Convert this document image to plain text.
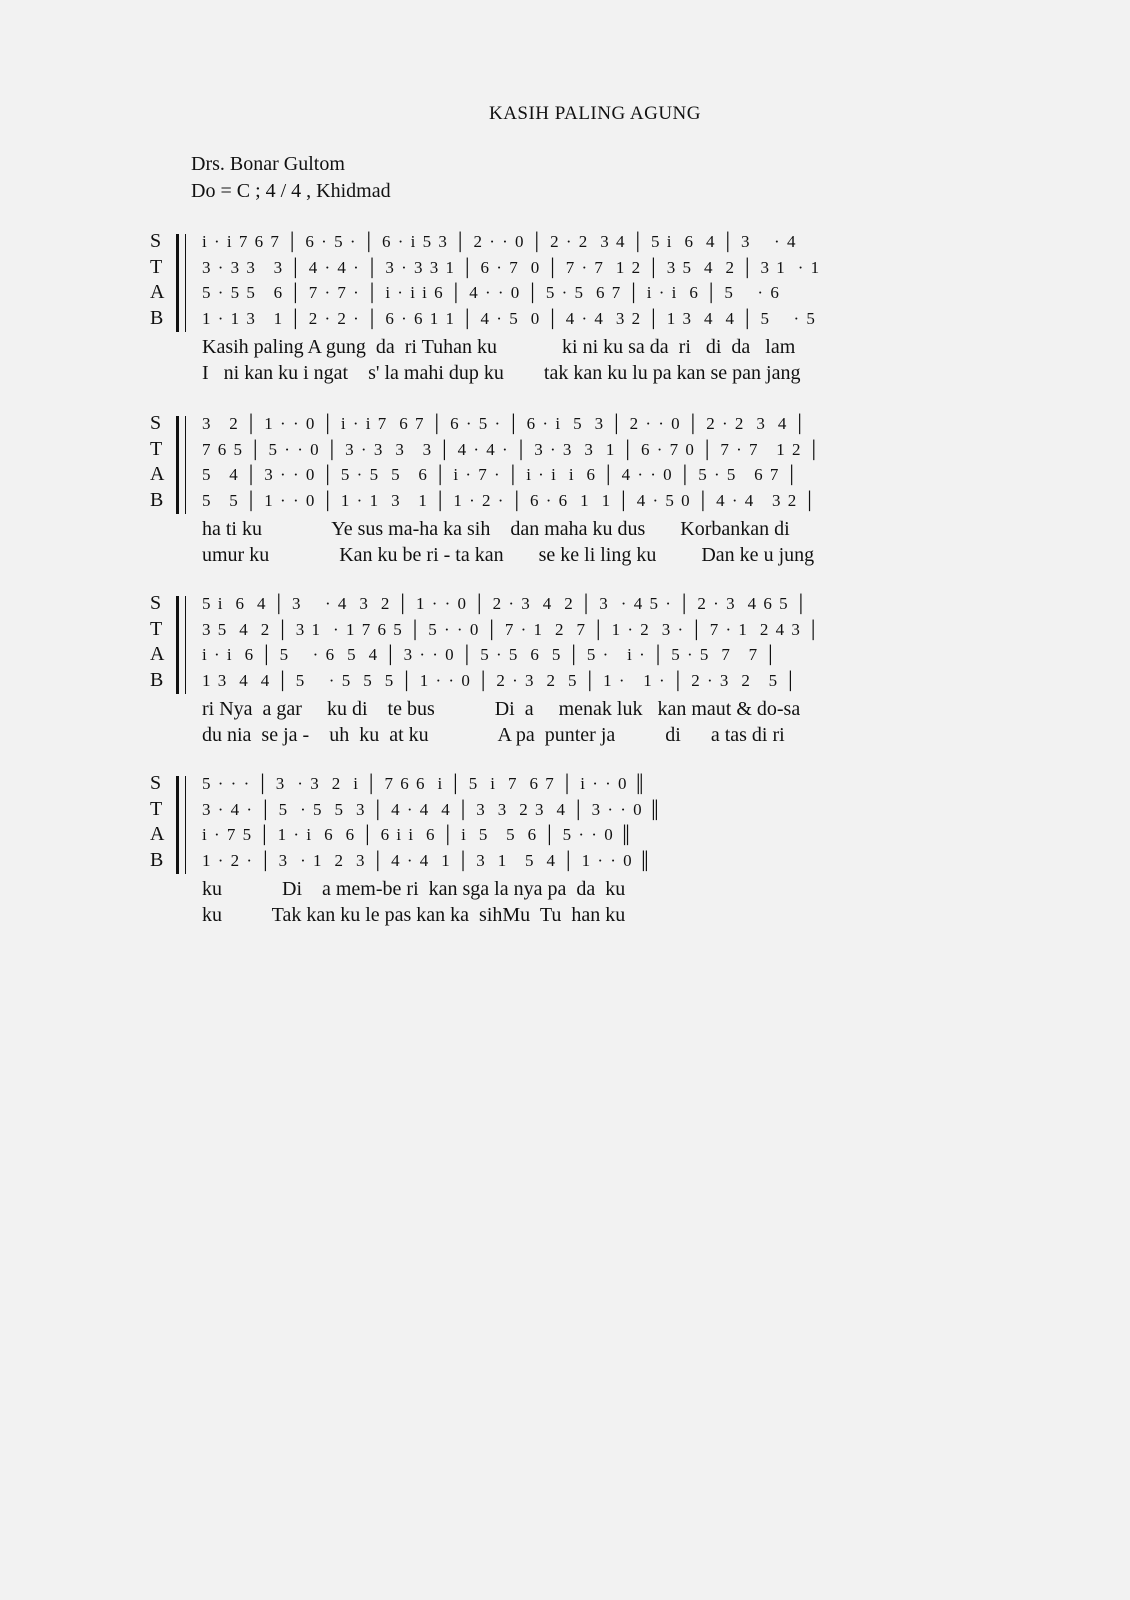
KASIH PALING AGUNG
Drs. Bonar Gultom
Do = C ; 4 / 4 , Khidmad
S	i · i 7 6 7 │ 6 · 5 · │ 6 · i 5 3 │ 2 · · 0 │ 2 · 2  3 4 │ 5 i  6  4 │ 3    · 4
T	3 · 3 3   3 │ 4 · 4 · │ 3 · 3 3 1 │ 6 · 7  0 │ 7 · 7  1 2 │ 3 5  4  2 │ 3 1  · 1
A	5 · 5 5   6 │ 7 · 7 · │ i · i i 6 │ 4 · · 0 │ 5 · 5  6 7 │ i · i  6 │ 5    · 6
B	1 · 1 3   1 │ 2 · 2 · │ 6 · 6 1 1 │ 4 · 5  0 │ 4 · 4  3 2 │ 1 3  4  4 │ 5    · 5
Kasih paling A gung  da  ri Tuhan ku             ki ni ku sa da  ri   di  da   lam
I   ni kan ku i ngat    s' la mahi dup ku        tak kan ku lu pa kan se pan jang
S	3   2 │ 1 · · 0 │ i · i 7  6 7 │ 6 · 5 · │ 6 · i  5  3 │ 2 · · 0 │ 2 · 2  3  4 │
T	7 6 5 │ 5 · · 0 │ 3 · 3  3   3 │ 4 · 4 · │ 3 · 3  3  1 │ 6 · 7 0 │ 7 · 7   1 2 │
A	5   4 │ 3 · · 0 │ 5 · 5  5   6 │ i · 7 · │ i · i  i  6 │ 4 · · 0 │ 5 · 5   6 7 │
B	5   5 │ 1 · · 0 │ 1 · 1  3   1 │ 1 · 2 · │ 6 · 6  1  1 │ 4 · 5 0 │ 4 · 4   3 2 │
ha ti ku              Ye sus ma-ha ka sih    dan maha ku dus       Korbankan di
umur ku              Kan ku be ri - ta kan       se ke li ling ku         Dan ke u jung
S	5 i  6  4 │ 3    · 4  3  2 │ 1 · · 0 │ 2 · 3  4  2 │ 3  · 4 5 · │ 2 · 3  4 6 5 │
T	3 5  4  2 │ 3 1  · 1 7 6 5 │ 5 · · 0 │ 7 · 1  2  7 │ 1 · 2  3 · │ 7 · 1  2 4 3 │
A	i · i  6 │ 5    · 6  5  4 │ 3 · · 0 │ 5 · 5  6  5 │ 5 ·   i · │ 5 · 5  7   7 │
B	1 3  4  4 │ 5    · 5  5  5 │ 1 · · 0 │ 2 · 3  2  5 │ 1 ·   1 · │ 2 · 3  2   5 │
ri Nya  a gar     ku di    te bus            Di  a     menak luk   kan maut & do-sa
du nia  se ja -    uh  ku  at ku              A pa  punter ja          di      a tas di ri
S	5 · · · │ 3  · 3  2  i │ 7 6 6  i │ 5  i  7  6 7 │ i · · 0 ║
T	3 · 4 · │ 5  · 5  5  3 │ 4 · 4  4 │ 3  3  2 3  4 │ 3 · · 0 ║
A	i · 7 5 │ 1 · i  6  6 │ 6 i i  6 │ i  5   5  6 │ 5 · · 0 ║
B	1 · 2 · │ 3  · 1  2  3 │ 4 · 4  1 │ 3  1   5  4 │ 1 · · 0 ║
ku            Di    a mem-be ri  kan sga la nya pa  da  ku
ku          Tak kan ku le pas kan ka  sihMu  Tu  han ku
